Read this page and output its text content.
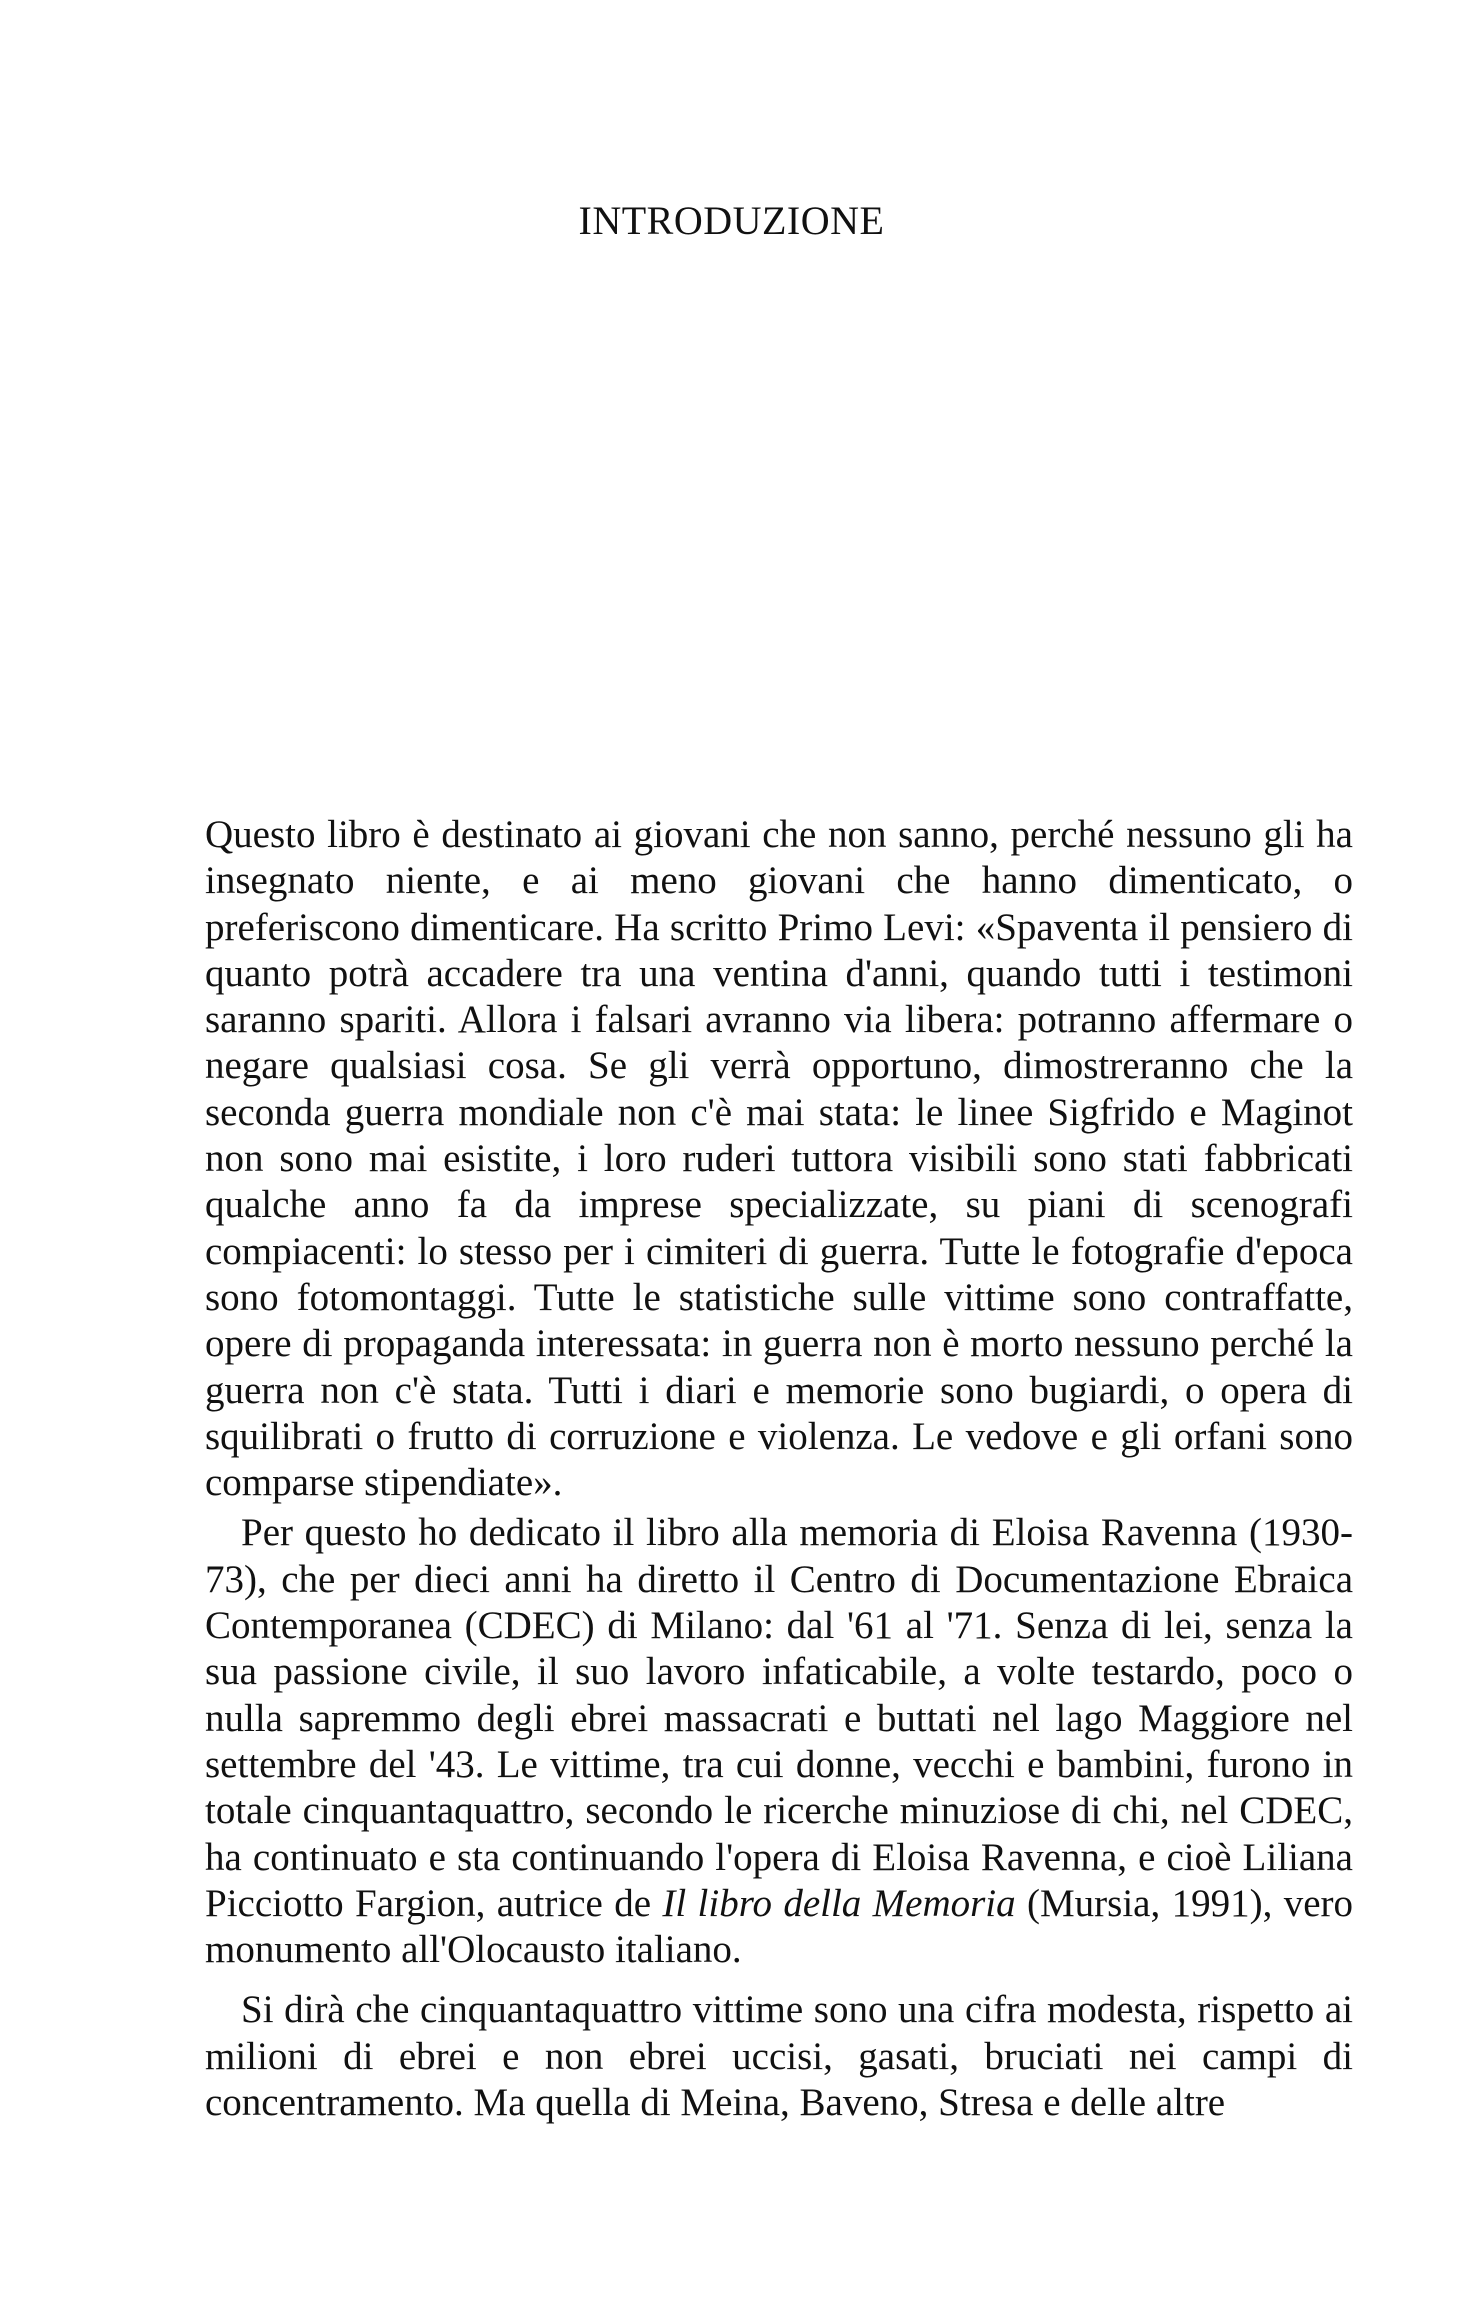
INTRODUZIONE

Questo libro è destinato ai giovani che non sanno, perché nessuno gli ha insegnato niente, e ai meno giovani che hanno dimenticato, o preferiscono dimenticare. Ha scritto Primo Levi: «Spaventa il pensiero di quanto potrà accadere tra una ventina d'anni, quando tutti i testimoni saranno spariti. Allora i falsari avranno via libera: potranno affermare o negare qualsiasi cosa. Se gli verrà opportuno, dimostreranno che la seconda guerra mondiale non c'è mai stata: le linee Sigfrido e Maginot non sono mai esistite, i loro ruderi tuttora visibili sono stati fabbricati qualche anno fa da imprese specializzate, su piani di scenografi compiacenti: lo stesso per i cimiteri di guerra. Tutte le fotografie d'epoca sono fotomontaggi. Tutte le statistiche sulle vittime sono contraffatte, opere di propaganda interessata: in guerra non è morto nessuno perché la guerra non c'è stata. Tutti i diari e memorie sono bugiardi, o opera di squilibrati o frutto di corruzione e violenza. Le vedove e gli orfani sono comparse stipendiate».

Per questo ho dedicato il libro alla memoria di Eloisa Ravenna (1930-73), che per dieci anni ha diretto il Centro di Documentazione Ebraica Contemporanea (CDEC) di Milano: dal '61 al '71. Senza di lei, senza la sua passione civile, il suo lavoro infaticabile, a volte testardo, poco o nulla sapremmo degli ebrei massacrati e buttati nel lago Maggiore nel settembre del '43. Le vittime, tra cui donne, vecchi e bambini, furono in totale cinquantaquattro, secondo le ricerche minuziose di chi, nel CDEC, ha continuato e sta continuando l'opera di Eloisa Ravenna, e cioè Liliana Picciotto Fargion, autrice de Il libro della Memoria (Mursia, 1991), vero monumento all'Olocausto italiano.

Si dirà che cinquantaquattro vittime sono una cifra modesta, rispetto ai milioni di ebrei e non ebrei uccisi, gasati, bruciati nei campi di concentramento. Ma quella di Meina, Baveno, Stresa e delle altre
